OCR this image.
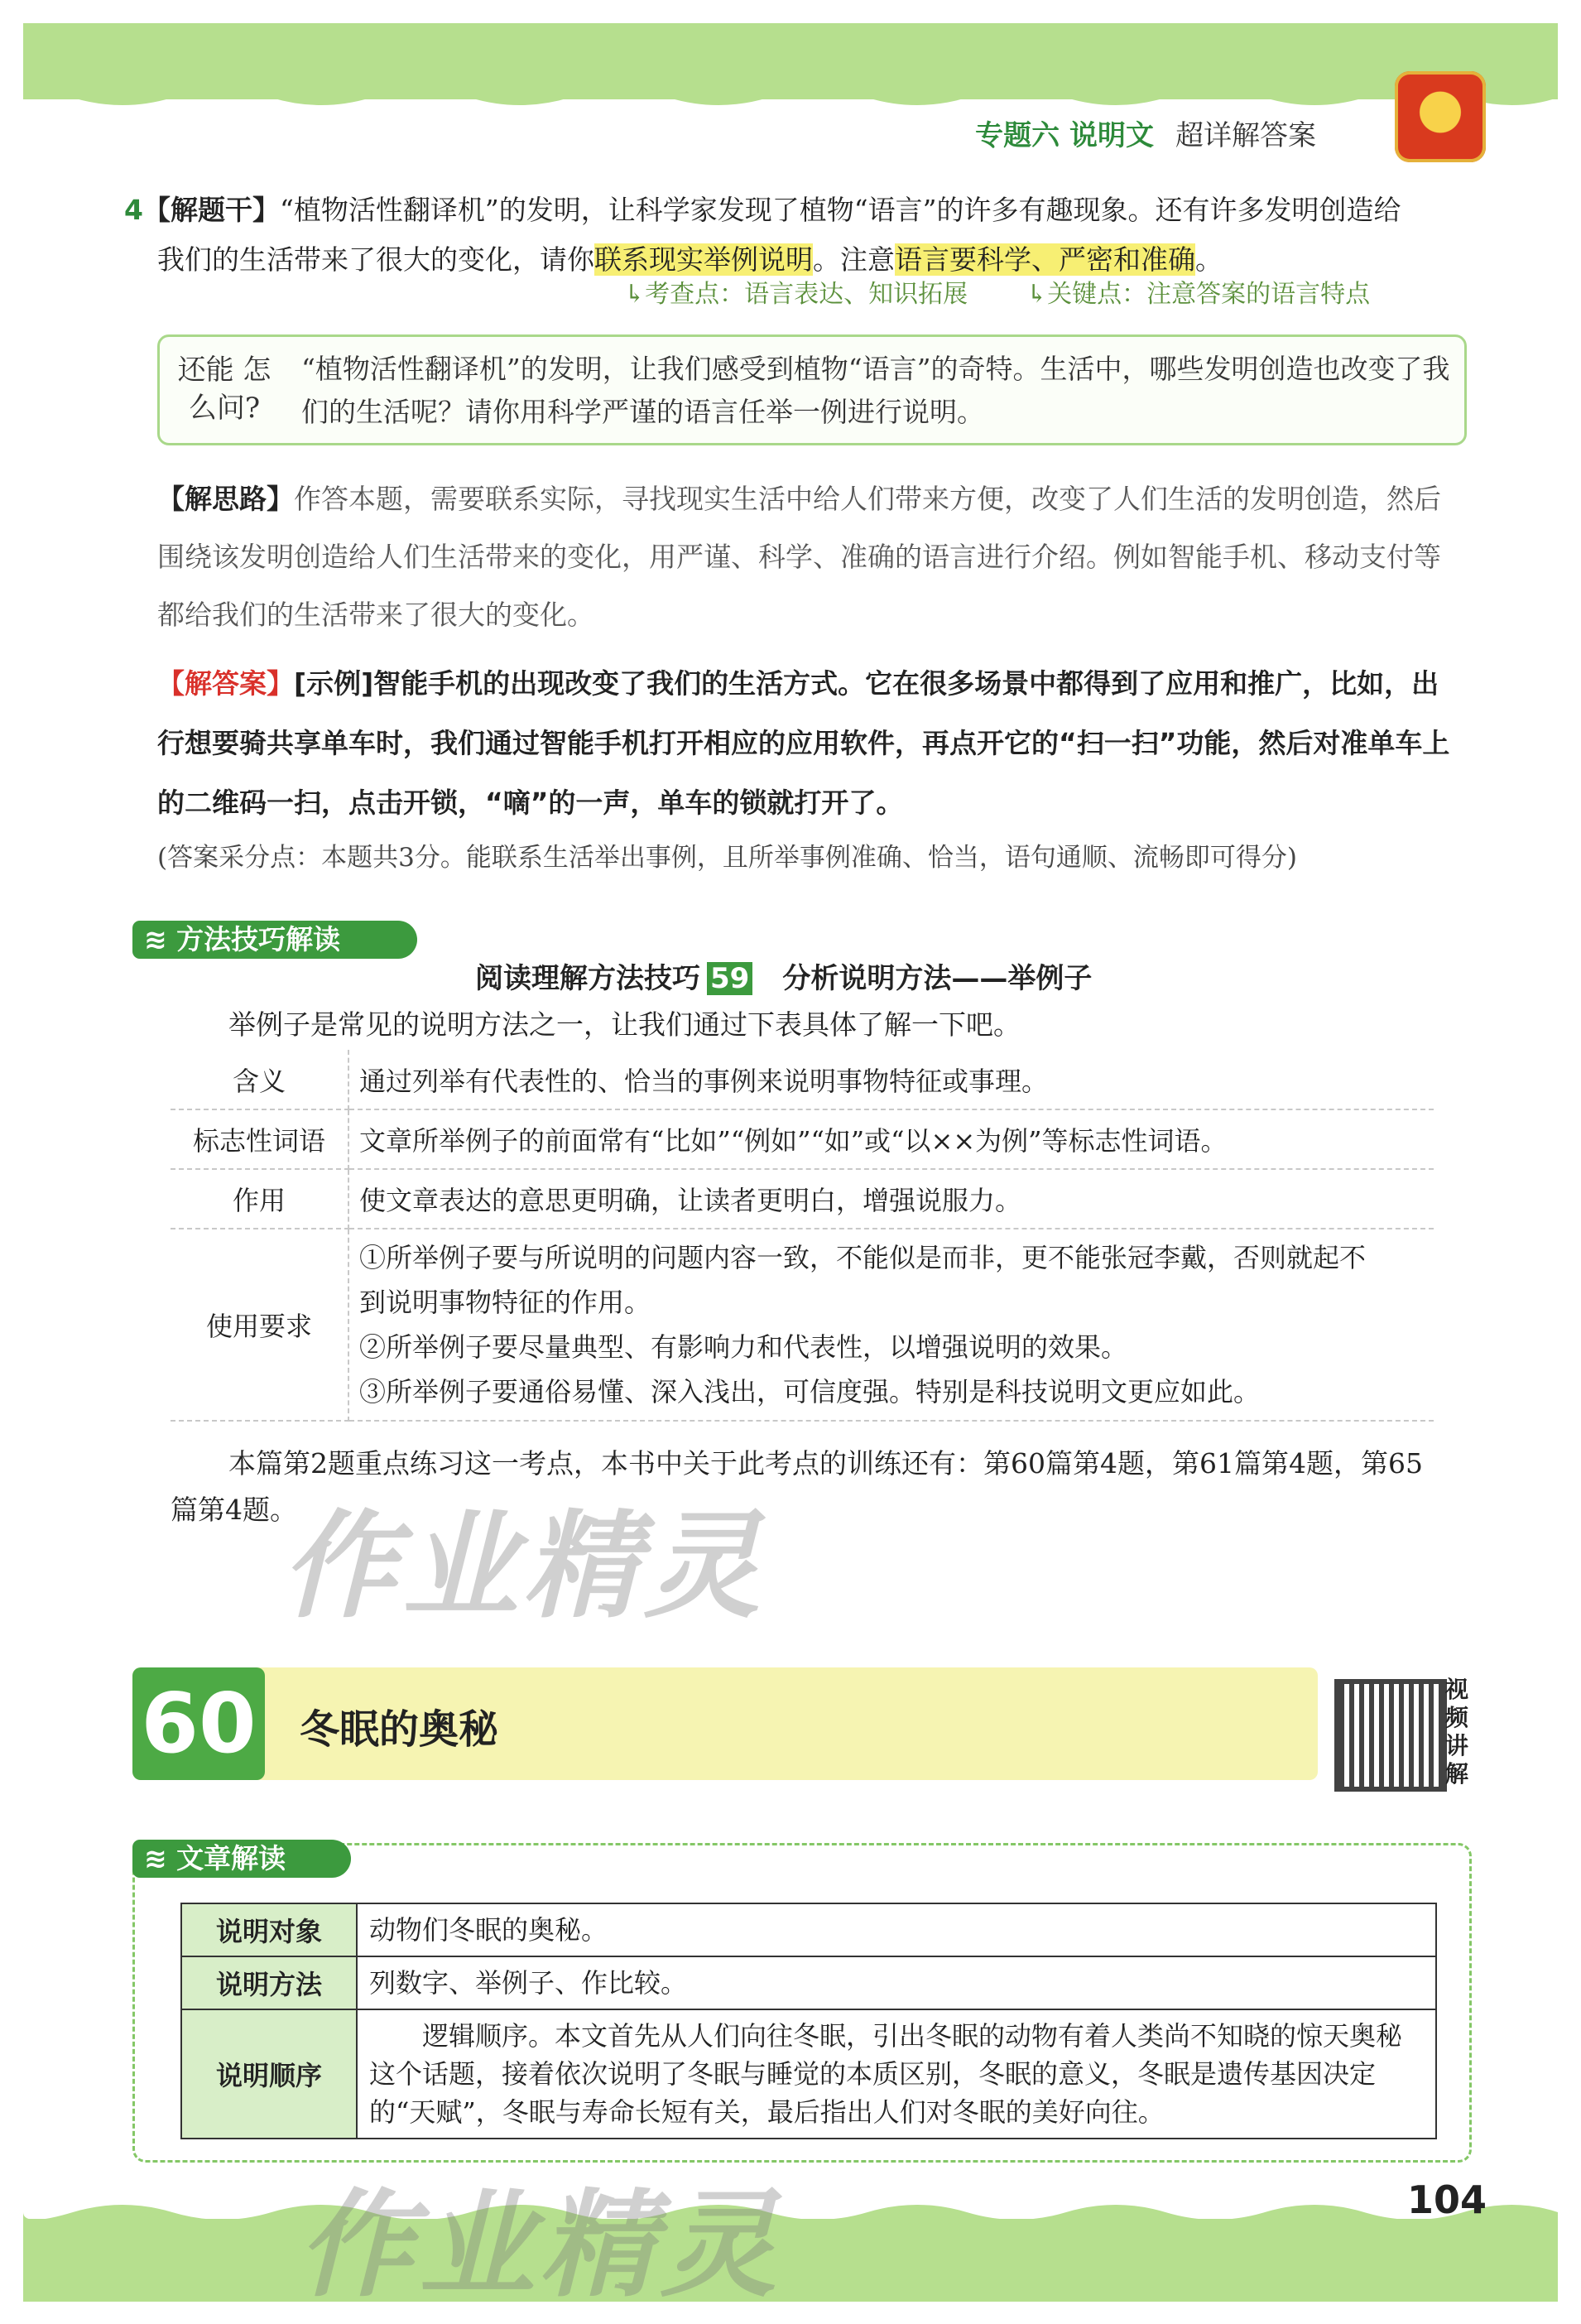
专题六 说明文 超详解答案
4【解题干】“植物活性翻译机”的发明，让科学家发现了植物“语言”的许多有趣现象。还有许多发明创造给
我们的生活带来了很大的变化，请你联系现实举例说明。注意语言要科学、严密和准确。
↳考查点：语言表达、知识拓展 ↳关键点：注意答案的语言特点
还能 怎么问?
“植物活性翻译机”的发明，让我们感受到植物“语言”的奇特。生活中，哪些发明创造也改变了我们的生活呢？请你用科学严谨的语言任举一例进行说明。
【解思路】作答本题，需要联系实际，寻找现实生活中给人们带来方便，改变了人们生活的发明创造，然后围绕该发明创造给人们生活带来的变化，用严谨、科学、准确的语言进行介绍。例如智能手机、移动支付等都给我们的生活带来了很大的变化。
【解答案】[示例]智能手机的出现改变了我们的生活方式。它在很多场景中都得到了应用和推广，比如，出行想要骑共享单车时，我们通过智能手机打开相应的应用软件，再点开它的“扫一扫”功能，然后对准单车上的二维码一扫，点击开锁，“嘀”的一声，单车的锁就打开了。
(答案采分点：本题共3分。能联系生活举出事例，且所举事例准确、恰当，语句通顺、流畅即可得分)
≋ 方法技巧解读
阅读理解方法技巧 59 分析说明方法——举例子
举例子是常见的说明方法之一，让我们通过下表具体了解一下吧。
含义	通过列举有代表性的、恰当的事例来说明事物特征或事理。
标志性词语	文章所举例子的前面常有“比如”“例如”“如”或“以××为例”等标志性词语。
作用	使文章表达的意思更明确，让读者更明白，增强说服力。
使用要求	①所举例子要与所说明的问题内容一致，不能似是而非，更不能张冠李戴，否则就起不
到说明事物特征的作用。
②所举例子要尽量典型、有影响力和代表性，以增强说明的效果。
③所举例子要通俗易懂、深入浅出，可信度强。特别是科技说明文更应如此。
本篇第2题重点练习这一考点，本书中关于此考点的训练还有：第60篇第4题，第61篇第4题，第65篇第4题。
作业精灵
60 冬眠的奥秘
视频讲解
≋ 文章解读
说明对象	动物们冬眠的奥秘。
说明方法	列数字、举例子、作比较。
说明顺序	逻辑顺序。本文首先从人们向往冬眠，引出冬眠的动物有着人类尚不知晓的惊天奥秘这个话题，接着依次说明了冬眠与睡觉的本质区别，冬眠的意义，冬眠是遗传基因决定的“天赋”，冬眠与寿命长短有关，最后指出人们对冬眠的美好向往。
104
作业精灵
